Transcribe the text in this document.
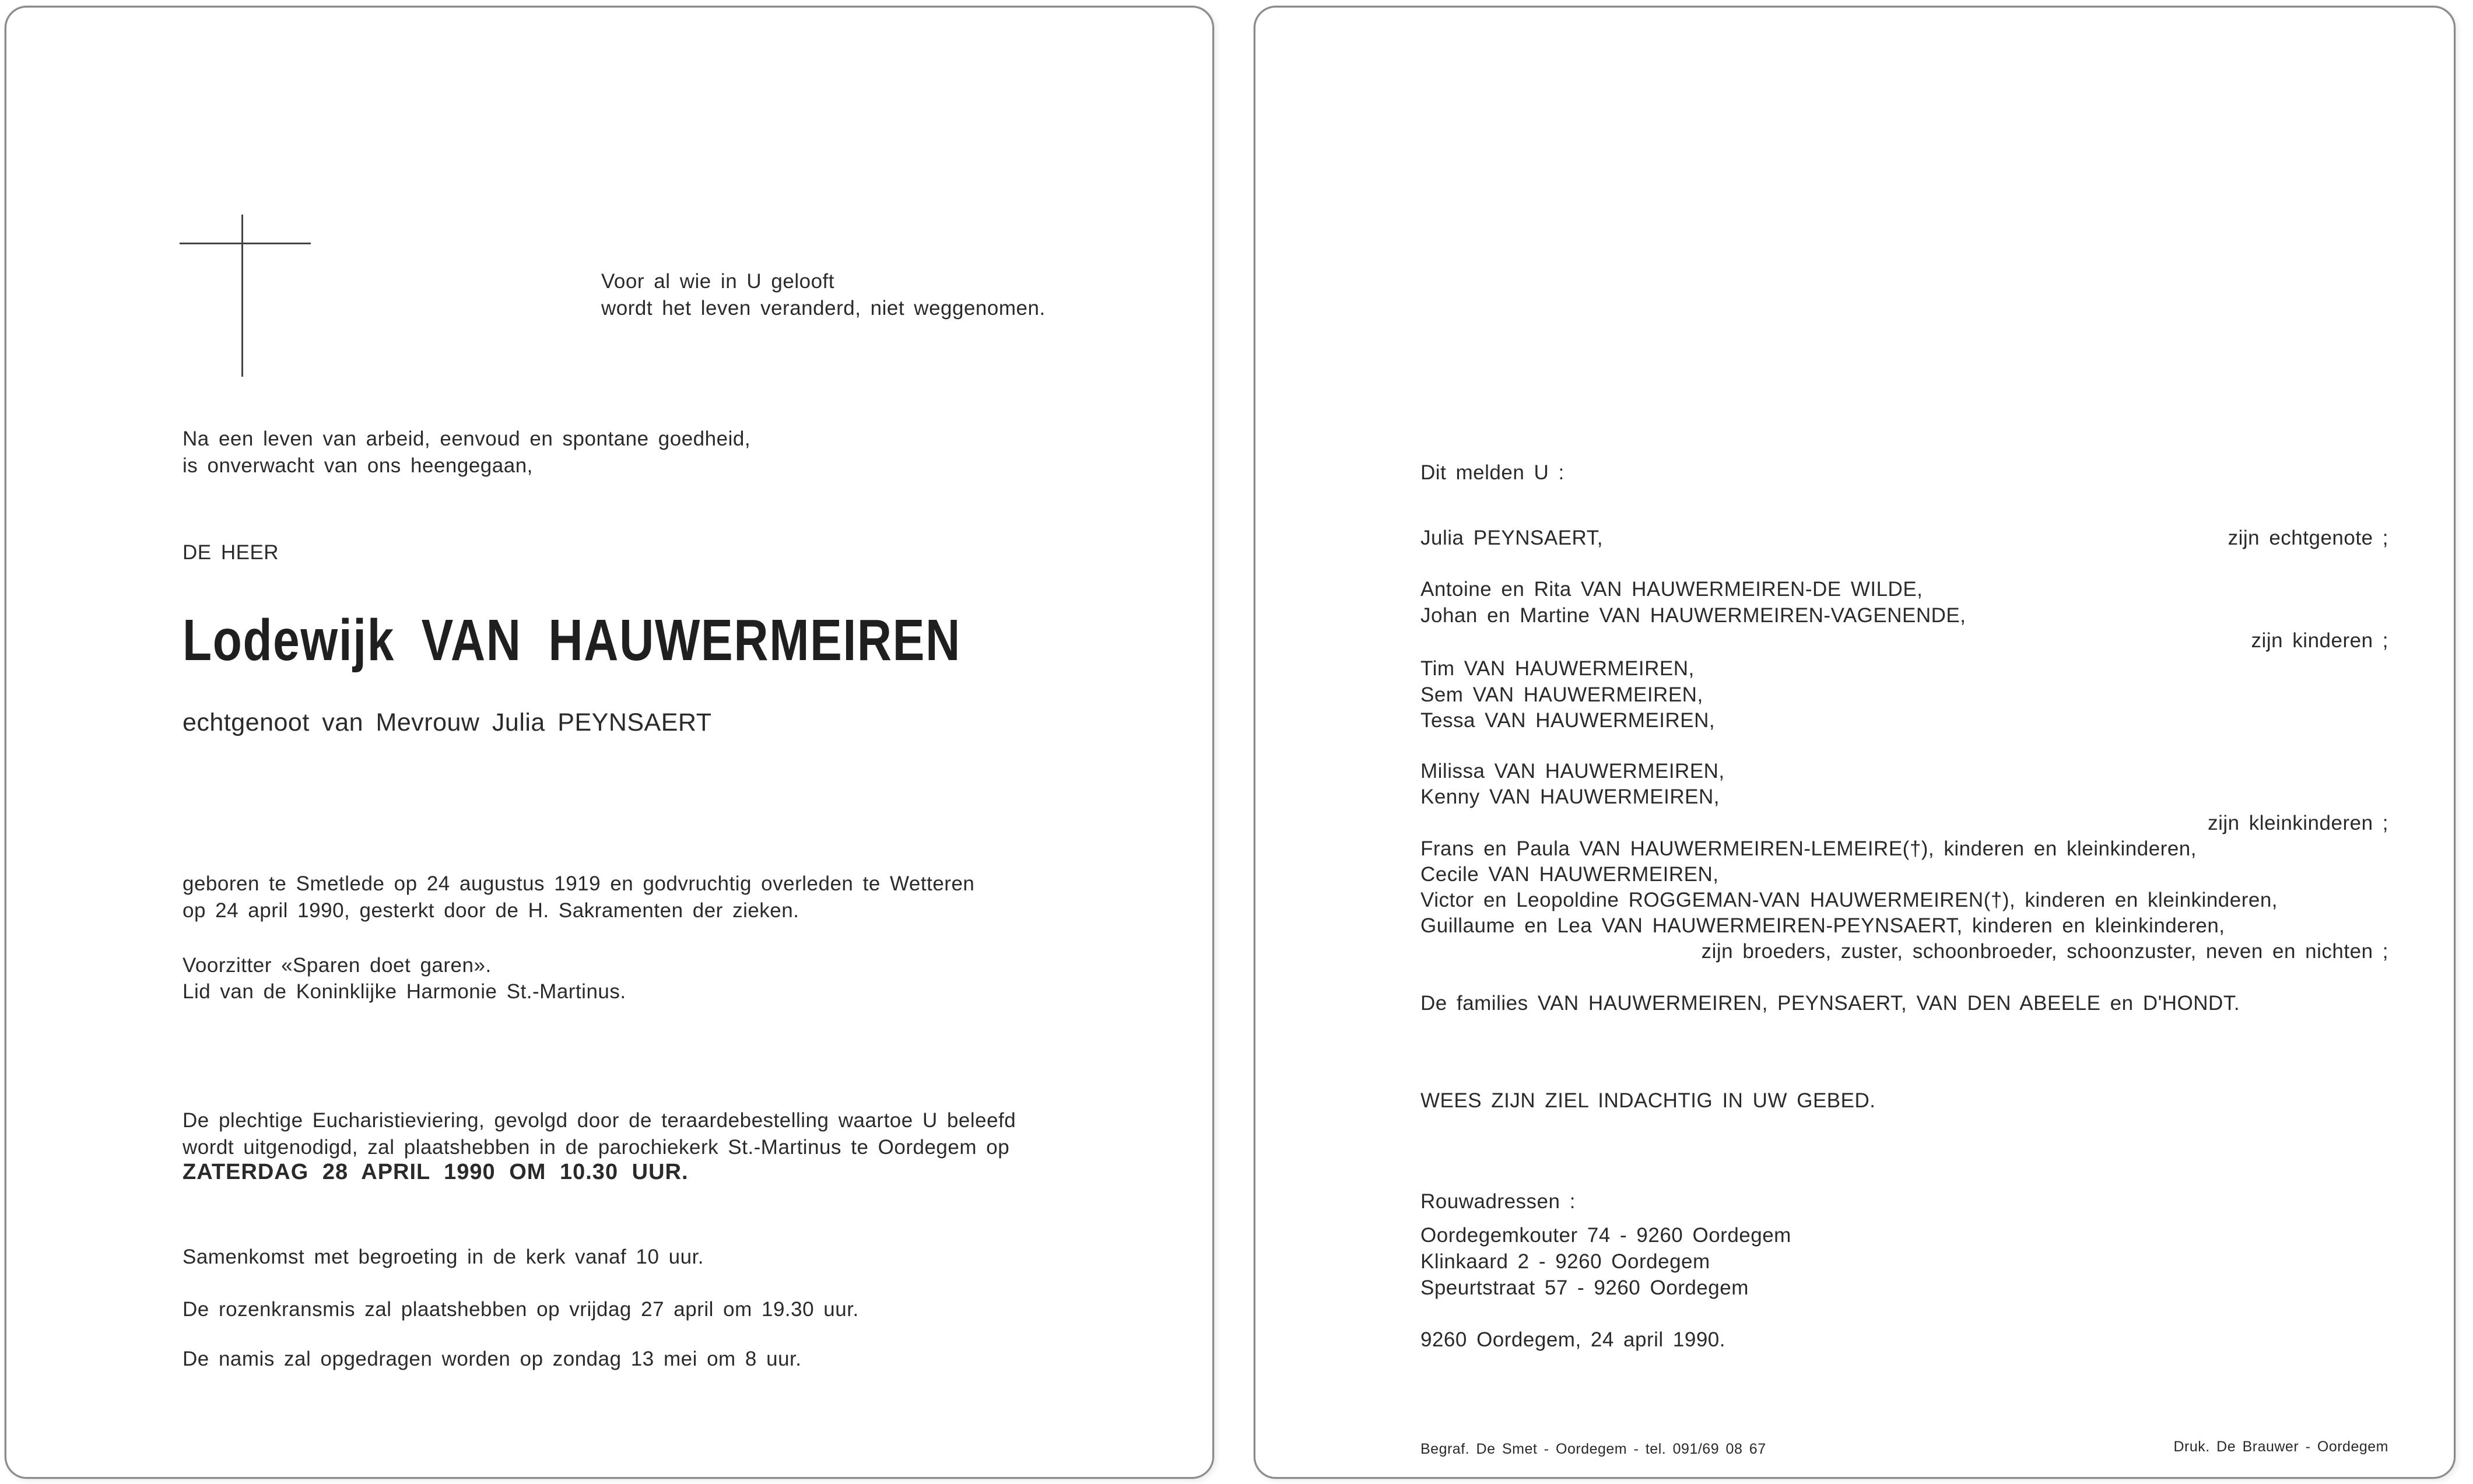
Voor al wie in U gelooft
wordt het leven veranderd, niet weggenomen.
Na een leven van arbeid, eenvoud en spontane goedheid,
is onverwacht van ons heengegaan,
DE HEER
Lodewijk VAN HAUWERMEIREN
echtgenoot van Mevrouw Julia PEYNSAERT
geboren te Smetlede op 24 augustus 1919 en godvruchtig overleden te Wetteren
op 24 april 1990, gesterkt door de H. Sakramenten der zieken.
Voorzitter «Sparen doet garen».
Lid van de Koninklijke Harmonie St.-Martinus.
De plechtige Eucharistieviering, gevolgd door de teraardebestelling waartoe U beleefd
wordt uitgenodigd, zal plaatshebben in de parochiekerk St.-Martinus te Oordegem op
ZATERDAG 28 APRIL 1990 OM 10.30 UUR.
Samenkomst met begroeting in de kerk vanaf 10 uur.
De rozenkransmis zal plaatshebben op vrijdag 27 april om 19.30 uur.
De namis zal opgedragen worden op zondag 13 mei om 8 uur.
Dit melden U :
Julia PEYNSAERT,	zijn echtgenote ;
Antoine en Rita VAN HAUWERMEIREN-DE WILDE,
Johan en Martine VAN HAUWERMEIREN-VAGENENDE,
zijn kinderen ;
Tim VAN HAUWERMEIREN,
Sem VAN HAUWERMEIREN,
Tessa VAN HAUWERMEIREN,
Milissa VAN HAUWERMEIREN,
Kenny VAN HAUWERMEIREN,
zijn kleinkinderen ;
Frans en Paula VAN HAUWERMEIREN-LEMEIRE(†), kinderen en kleinkinderen,
Cecile VAN HAUWERMEIREN,
Victor en Leopoldine ROGGEMAN-VAN HAUWERMEIREN(†), kinderen en kleinkinderen,
Guillaume en Lea VAN HAUWERMEIREN-PEYNSAERT, kinderen en kleinkinderen,
zijn broeders, zuster, schoonbroeder, schoonzuster, neven en nichten ;
De families VAN HAUWERMEIREN, PEYNSAERT, VAN DEN ABEELE en D'HONDT.
WEES ZIJN ZIEL INDACHTIG IN UW GEBED.
Rouwadressen :
Oordegemkouter 74 - 9260 Oordegem
Klinkaard 2 - 9260 Oordegem
Speurtstraat 57 - 9260 Oordegem
9260 Oordegem, 24 april 1990.
Begraf. De Smet - Oordegem - tel. 091/69 08 67	Druk. De Brauwer - Oordegem
